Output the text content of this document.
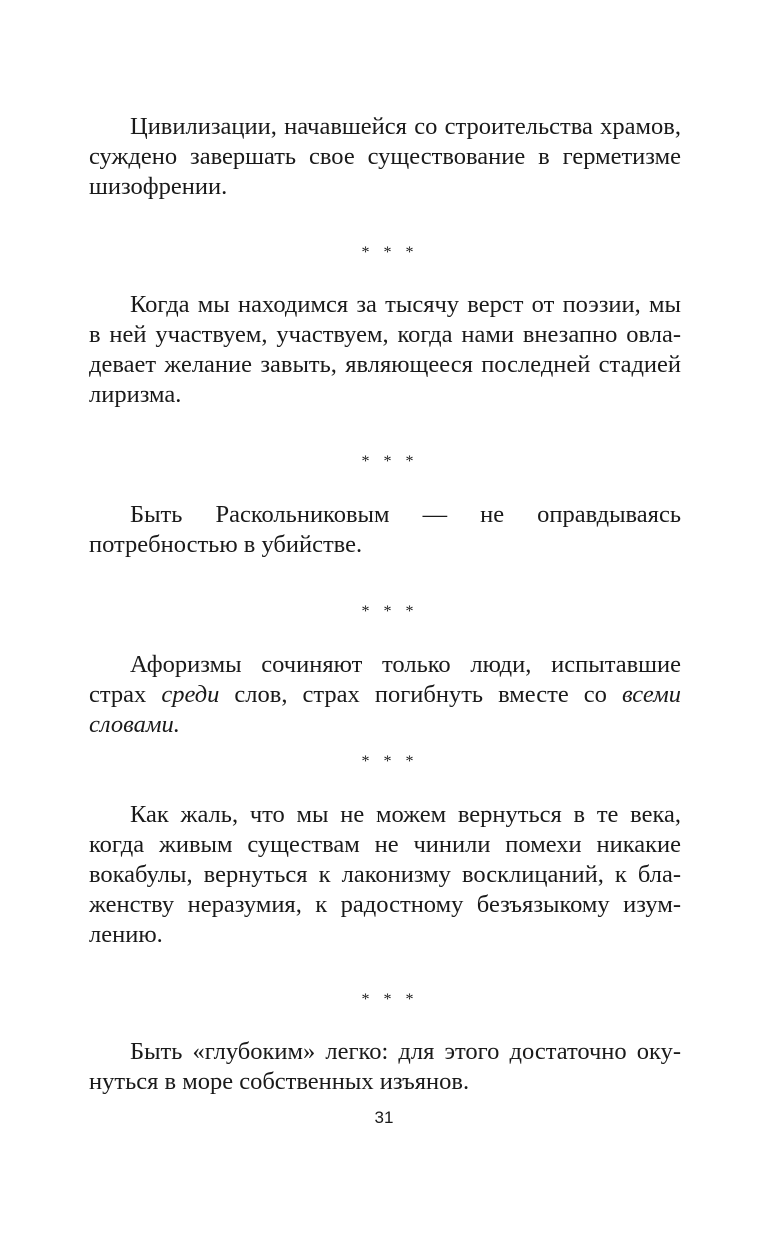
Цивилизации, начавшейся со строительства храмов, суждено завершать свое существование в герметизме шизофрении.

* * *

Когда мы находимся за тысячу верст от поэзии, мы в ней участвуем, участвуем, когда нами внезапно овладевает желание завыть, являющееся последней стадией лиризма.

* * *

Быть Раскольниковым — не оправдываясь потребностью в убийстве.

* * *

Афоризмы сочиняют только люди, испытавшие страх среди слов, страх погибнуть вместе со всеми словами.

* * *

Как жаль, что мы не можем вернуться в те века, когда живым существам не чинили помехи никакие вокабулы, вернуться к лаконизму восклицаний, к блаженству неразумия, к радостному безъязыкому изумлению.

* * *

Быть «глубоким» легко: для этого достаточно окунуться в море собственных изъянов.

31
